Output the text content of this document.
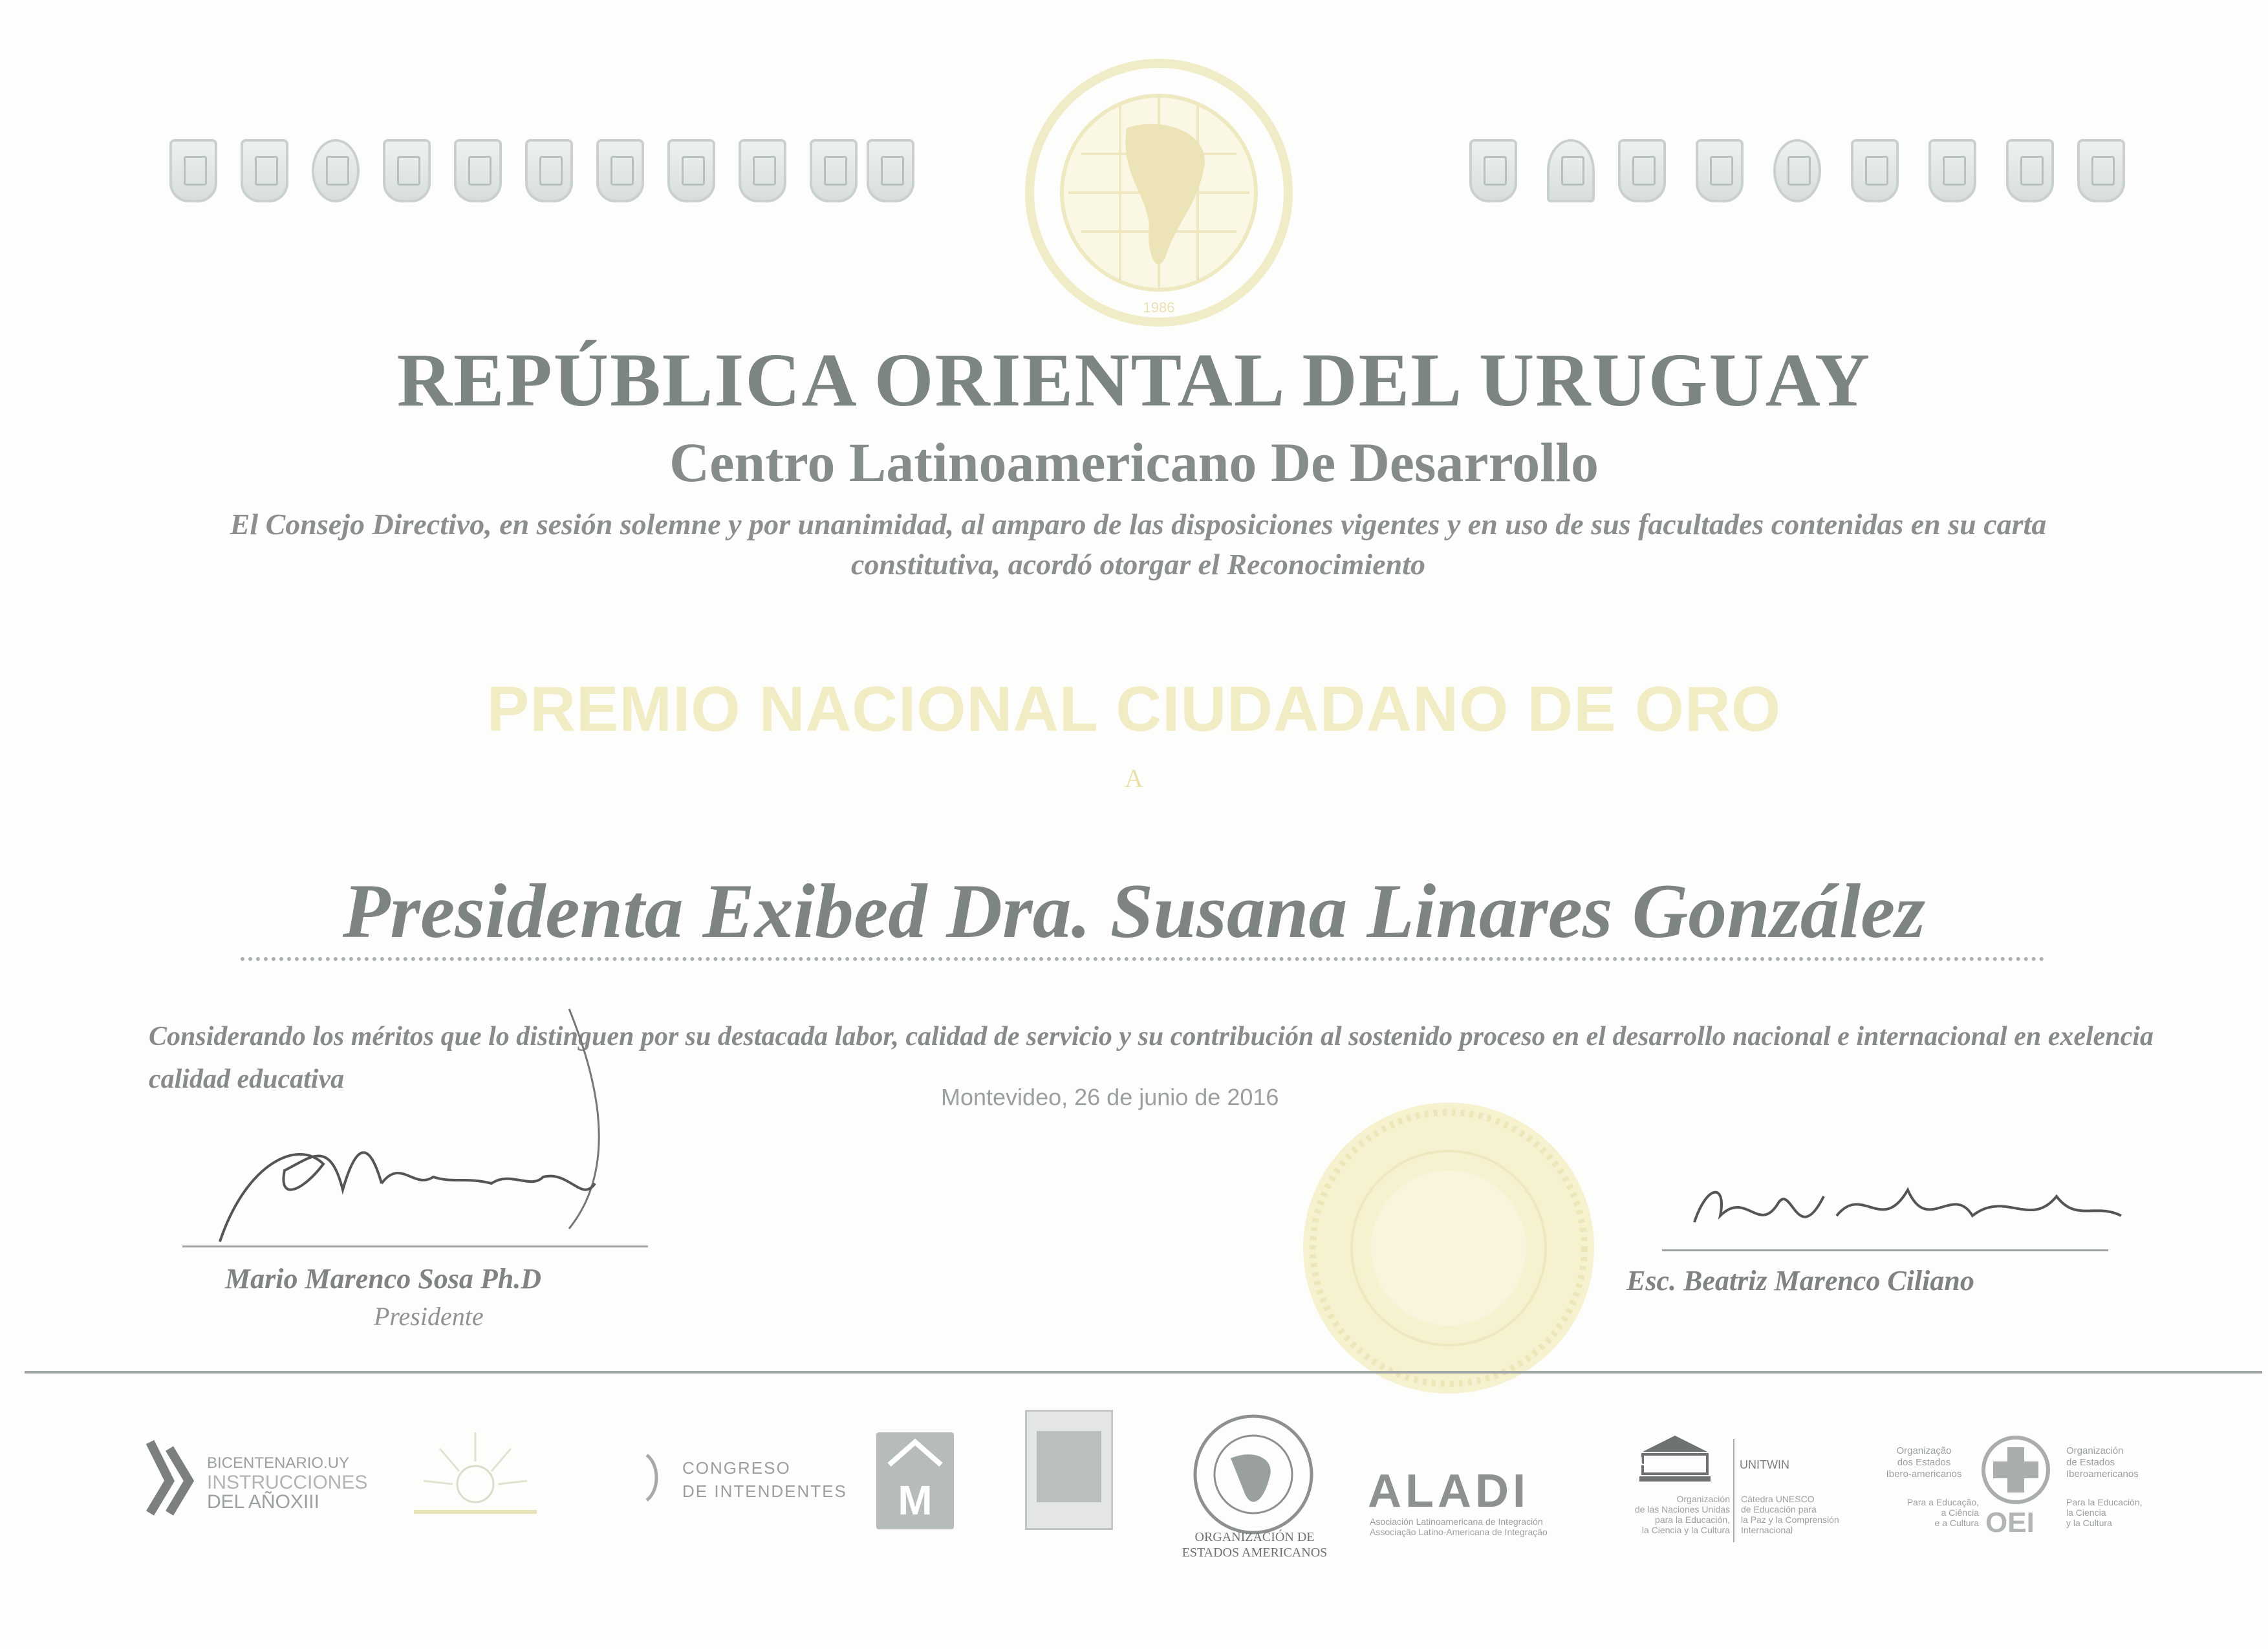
1986
REPÚBLICA ORIENTAL DEL URUGUAY
Centro Latinoamericano De Desarrollo
El Consejo Directivo, en sesión solemne y por unanimidad, al amparo de las disposiciones vigentes y en uso de sus facultades contenidas en su carta constitutiva, acordó otorgar el Reconocimiento
PREMIO NACIONAL CIUDADANO DE ORO
A
Presidenta Exibed Dra. Susana Linares González
Considerando los méritos que lo distinguen por su destacada labor, calidad de servicio y su contribución al sostenido proceso en el desarrollo nacional e internacional en exelencia calidad educativa
Montevideo, 26 de junio de 2016
Mario Marenco Sosa Ph.D
Presidente
Esc. Beatriz Marenco Ciliano
BICENTENARIO.UY
INSTRUCCIONES
DEL AÑOXIII
CONGRESO
DE INTENDENTES	M
ORGANIZACIÓN DE
ESTADOS AMERICANOS
ALADI
Asociación Latinoamericana de Integración
Associação Latino-Americana de Integração
UNESCO
Organización
de las Naciones Unidas
para la Educación,
la Ciencia y la Cultura
UNITWIN
Cátedra UNESCO
de Educación para
la Paz y la Comprensión
Internacional
Organização
dos Estados
Ibero-americanos
Para a Educação,
a Ciência
e a Cultura OEI
Organización
de Estados
Iberoamericanos
Para la Educación,
la Ciencia
y la Cultura
